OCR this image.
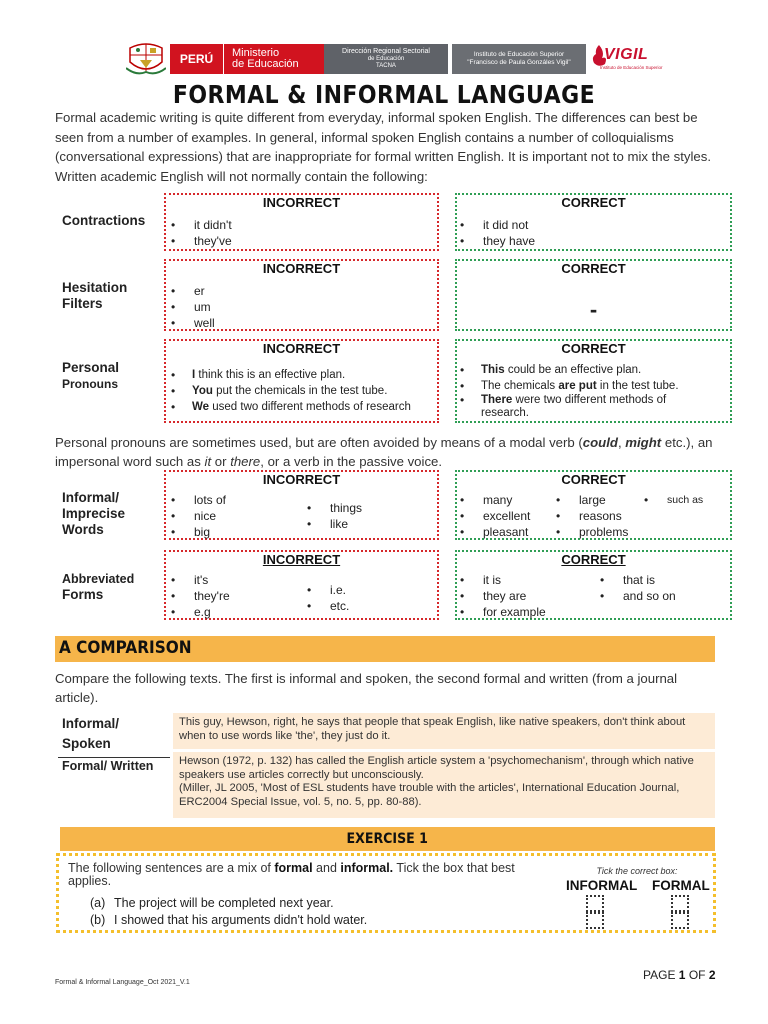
PERÚ	Ministerio
de Educación
Dirección Regional Sectorial
de Educación
TACNA
Instituto de Educación Superior
"Francisco de Paula Gonzáles Vigil"	VIGIL
Instituto de Educación Superior
FORMAL & INFORMAL LANGUAGE
Formal academic writing is quite different from everyday, informal spoken English. The differences can best be seen from a number of examples. In general, informal spoken English contains a number of colloquialisms (conversational expressions) that are inappropriate for formal written English. It is important not to mix the styles. Written academic English will not normally contain the following:
Contractions
INCORRECT
• it didn't
• they've
CORRECT
• it did not
• they have
Hesitation
Filters
INCORRECT
• er
• um
• well
CORRECT
-
Personal
Pronouns
INCORRECT
• I think this is an effective plan.
• You put the chemicals in the test tube.
• We used two different methods of research
CORRECT
• This could be an effective plan.
• The chemicals are put in the test tube.
• There were two different methods of research.
Personal pronouns are sometimes used, but are often avoided by means of a modal verb (could, might etc.), an impersonal word such as it or there, or a verb in the passive voice.
Informal/
Imprecise
Words
INCORRECT
• lots of
• nice
• big
• things
• like
CORRECT
• many
• excellent
• pleasant
• large
• reasons
• problems
• such as
Abbreviated
Forms
INCORRECT
• it's
• they're
• e.g
• i.e.
• etc.
CORRECT
• it is
• they are
• for example
• that is
• and so on
A COMPARISON
Compare the following texts. The first is informal and spoken, the second formal and written (from a journal article).
Informal/
Spoken
Formal/ Written
This guy, Hewson, right, he says that people that speak English, like native speakers, don't think about when to use words like 'the', they just do it.
Hewson (1972, p. 132) has called the English article system a 'psychomechanism', through which native speakers use articles correctly but unconsciously.
(Miller, JL 2005, 'Most of ESL students have trouble with the articles', International Education Journal, ERC2004 Special Issue, vol. 5, no. 5, pp. 80-88).
EXERCISE 1
The following sentences are a mix of formal and informal. Tick the box that best applies.
Tick the correct box:
INFORMAL FORMAL
(a) The project will be completed next year.
(b) I showed that his arguments didn't hold water.
Formal & Informal Language_Oct 2021_V.1
PAGE 1 OF 2
